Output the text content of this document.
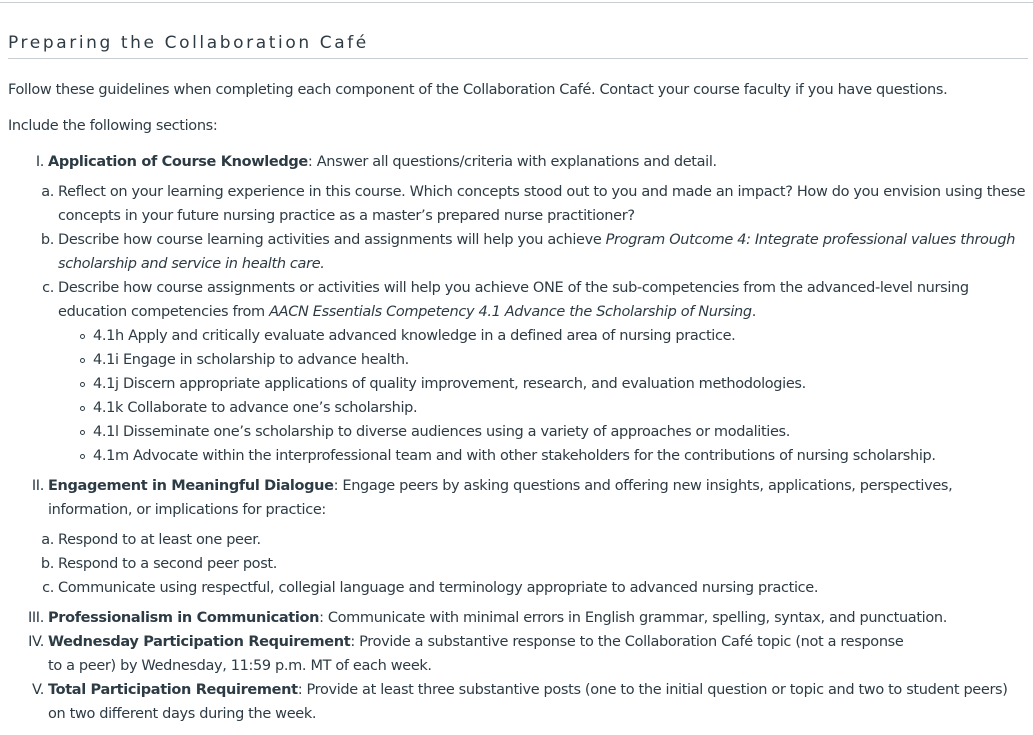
Preparing the Collaboration Café

Follow these guidelines when completing each component of the Collaboration Café. Contact your course faculty if you have questions.

Include the following sections:

I. Application of Course Knowledge: Answer all questions/criteria with explanations and detail.
a. Reflect on your learning experience in this course. Which concepts stood out to you and made an impact? How do you envision using these concepts in your future nursing practice as a master’s prepared nurse practitioner?
b. Describe how course learning activities and assignments will help you achieve Program Outcome 4: Integrate professional values through scholarship and service in health care.
c. Describe how course assignments or activities will help you achieve ONE of the sub-competencies from the advanced-level nursing education competencies from AACN Essentials Competency 4.1 Advance the Scholarship of Nursing.
4.1h Apply and critically evaluate advanced knowledge in a defined area of nursing practice.
4.1i Engage in scholarship to advance health.
4.1j Discern appropriate applications of quality improvement, research, and evaluation methodologies.
4.1k Collaborate to advance one’s scholarship.
4.1l Disseminate one’s scholarship to diverse audiences using a variety of approaches or modalities.
4.1m Advocate within the interprofessional team and with other stakeholders for the contributions of nursing scholarship.
II. Engagement in Meaningful Dialogue: Engage peers by asking questions and offering new insights, applications, perspectives, information, or implications for practice:
a. Respond to at least one peer.
b. Respond to a second peer post.
c. Communicate using respectful, collegial language and terminology appropriate to advanced nursing practice.
III. Professionalism in Communication: Communicate with minimal errors in English grammar, spelling, syntax, and punctuation.
IV. Wednesday Participation Requirement: Provide a substantive response to the Collaboration Café topic (not a response to a peer) by Wednesday, 11:59 p.m. MT of each week.
V. Total Participation Requirement: Provide at least three substantive posts (one to the initial question or topic and two to student peers) on two different days during the week.
